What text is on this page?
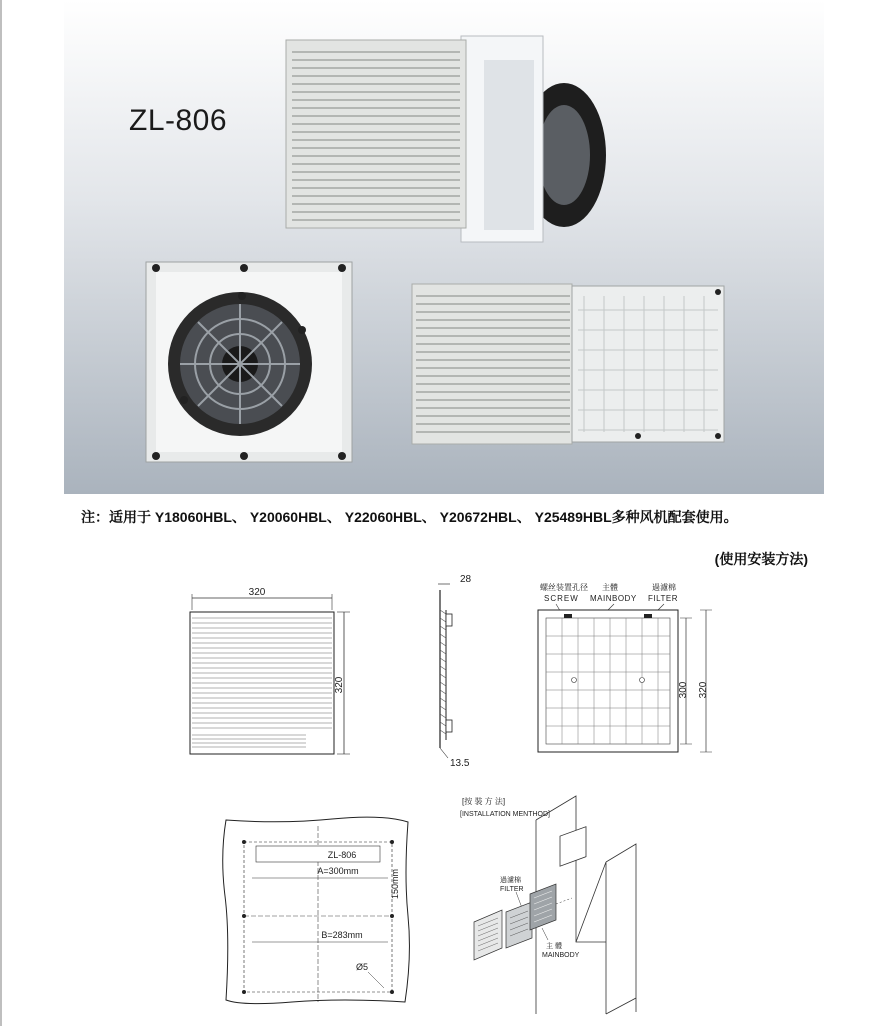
ZL-806
注：适用于 Y18060HBL、 Y20060HBL、 Y22060HBL、 Y20672HBL、 Y25489HBL多种风机配套使用。
(使用安装方法)
320
320
28
13.5
螺丝装置孔径 主體	過濾棉
SCREW MAINBODY FILTER
300 320
ZL-806
A=300mm
B=283mm
150mm
Ø5
[按 裝 方 法]
[INSTALLATION MENTHOD]
過濾棉
FILTER
主 體
MAINBODY
